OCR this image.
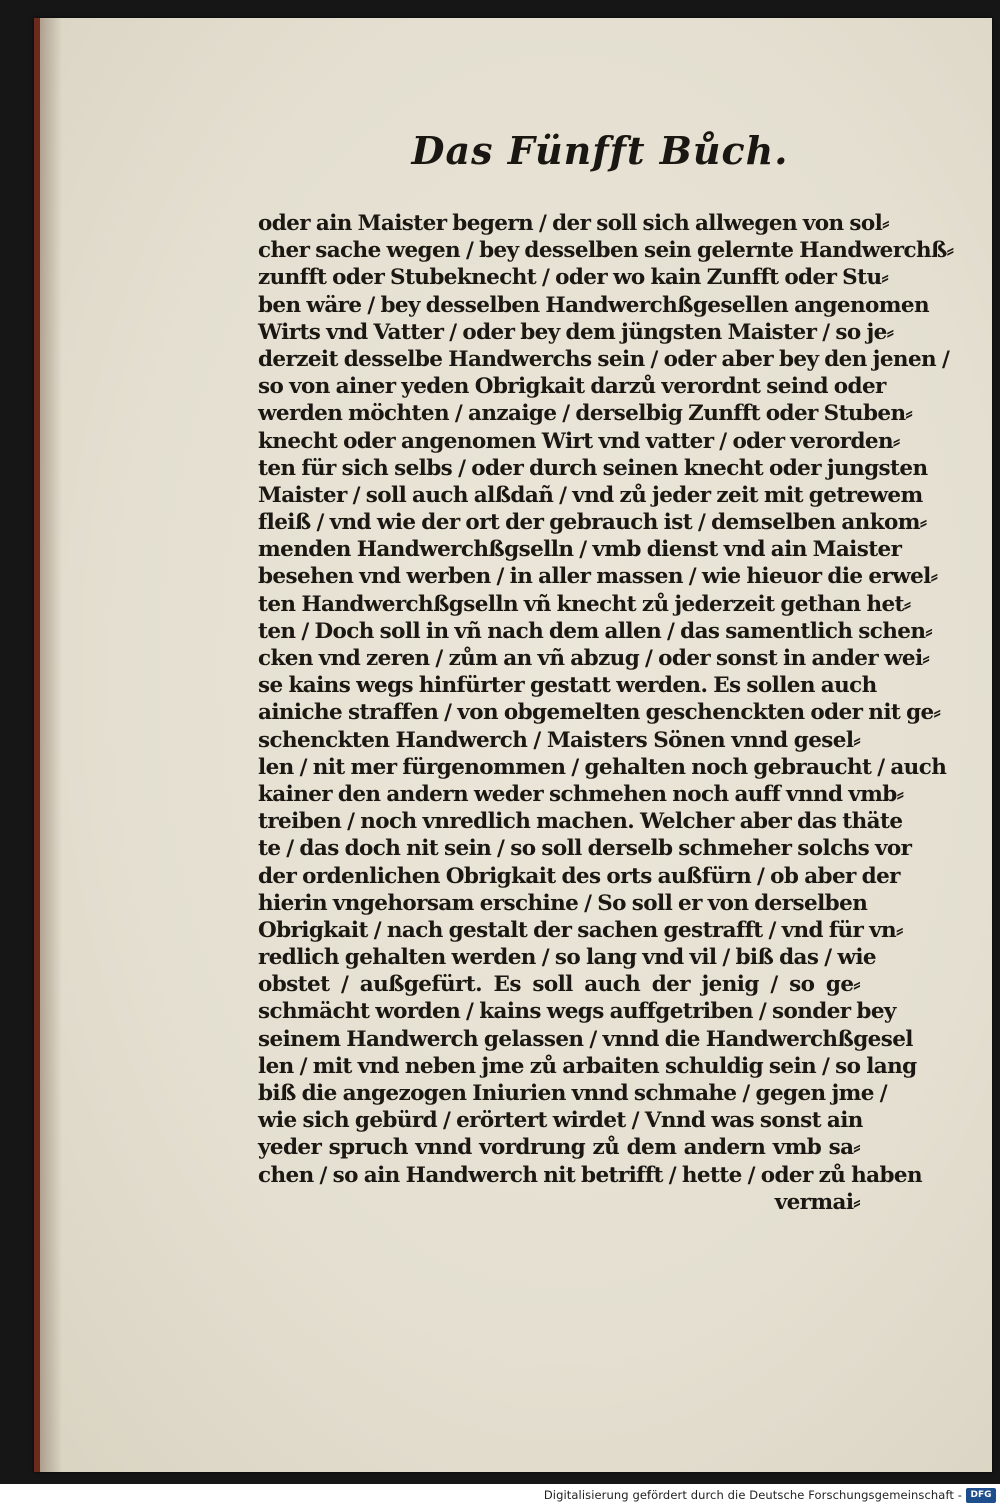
Das Fünfft Bůch.
oder ain Maister begern / der soll sich allwegen von sol⸗
cher sache wegen / bey desselben sein gelernte Handwerchß⸗
zunfft oder Stubeknecht / oder wo kain Zunfft oder Stu⸗
ben wäre / bey desselben Handwerchßgesellen angenomen
Wirts vnd Vatter / oder bey dem jüngsten Maister / so je⸗
derzeit desselbe Handwerchs sein / oder aber bey den jenen /
so von ainer yeden Obrigkait darzů verordnt seind oder
werden möchten / anzaige / derselbig Zunfft oder Stuben⸗
knecht oder angenomen Wirt vnd vatter / oder verorden⸗
ten für sich selbs / oder durch seinen knecht oder jungsten
Maister / soll auch alßdañ / vnd zů jeder zeit mit getrewem
fleiß / vnd wie der ort der gebrauch ist / demselben ankom⸗
menden Handwerchßgselln / vmb dienst vnd ain Maister
besehen vnd werben / in aller massen / wie hieuor die erwel⸗
ten Handwerchßgselln vñ knecht zů jederzeit gethan het⸗
ten / Doch soll in vñ nach dem allen / das samentlich schen⸗
cken vnd zeren / zům an vñ abzug / oder sonst in ander wei⸗
se kains wegs hinfürter gestatt werden. Es sollen auch
ainiche straffen / von obgemelten geschenckten oder nit ge⸗
schenckten Handwerch / Maisters Sönen vnnd gesel⸗
len / nit mer fürgenommen / gehalten noch gebraucht / auch
kainer den andern weder schmehen noch auff vnnd vmb⸗
treiben / noch vnredlich machen. Welcher aber das thäte
te / das doch nit sein / so soll derselb schmeher solchs vor
der ordenlichen Obrigkait des orts außfürn / ob aber der
hierin vngehorsam erschine / So soll er von derselben
Obrigkait / nach gestalt der sachen gestrafft / vnd für vn⸗
redlich gehalten werden / so lang vnd vil / biß das / wie
obstet / außgefürt. Es soll auch der jenig / so ge⸗
schmächt worden / kains wegs auffgetriben / sonder bey
seinem Handwerch gelassen / vnnd die Handwerchßgesel
len / mit vnd neben jme zů arbaiten schuldig sein / so lang
biß die angezogen Iniurien vnnd schmahe / gegen jme /
wie sich gebürd / erörtert wirdet / Vnnd was sonst ain
yeder spruch vnnd vordrung zů dem andern vmb sa⸗
chen / so ain Handwerch nit betrifft / hette / oder zů haben
vermai⸗
Digitalisierung gefördert durch die Deutsche Forschungsgemeinschaft - DFG
